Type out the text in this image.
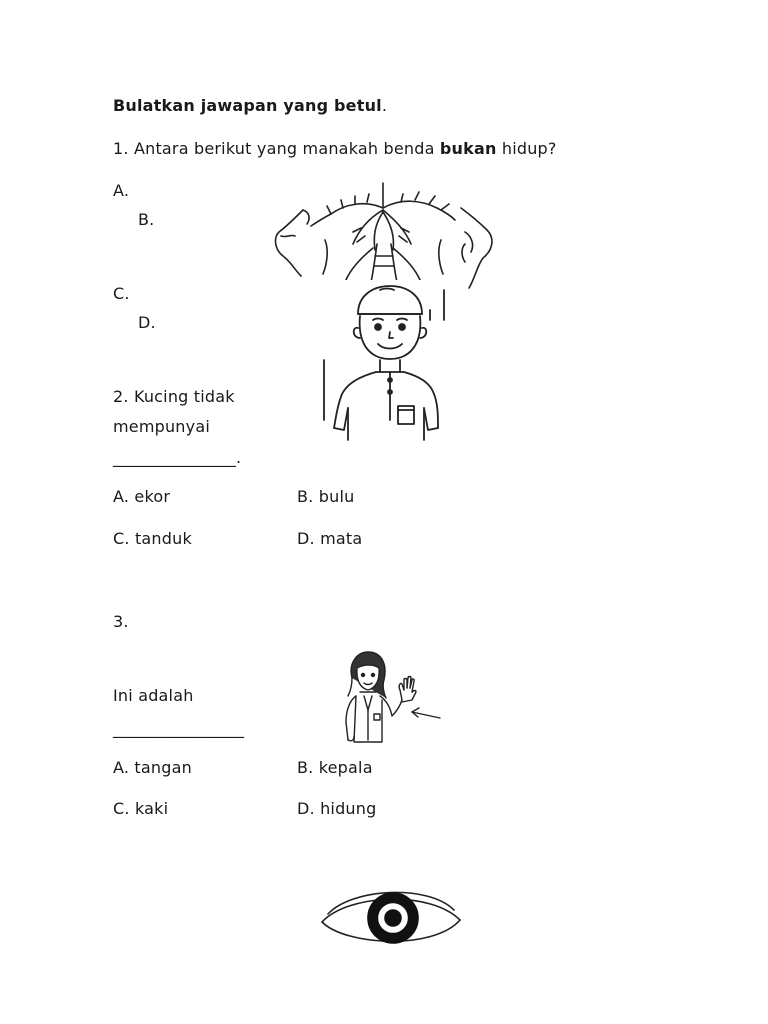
Bulatkan jawapan yang betul.
1. Antara berikut yang manakah benda bukan hidup?
A.
B.
C.
D.
2. Kucing tidak
mempunyai
_______________.
A. ekor	B. bulu
C. tanduk	D. mata
3.
Ini adalah
________________
A. tangan	B. kepala
C. kaki	D. hidung
